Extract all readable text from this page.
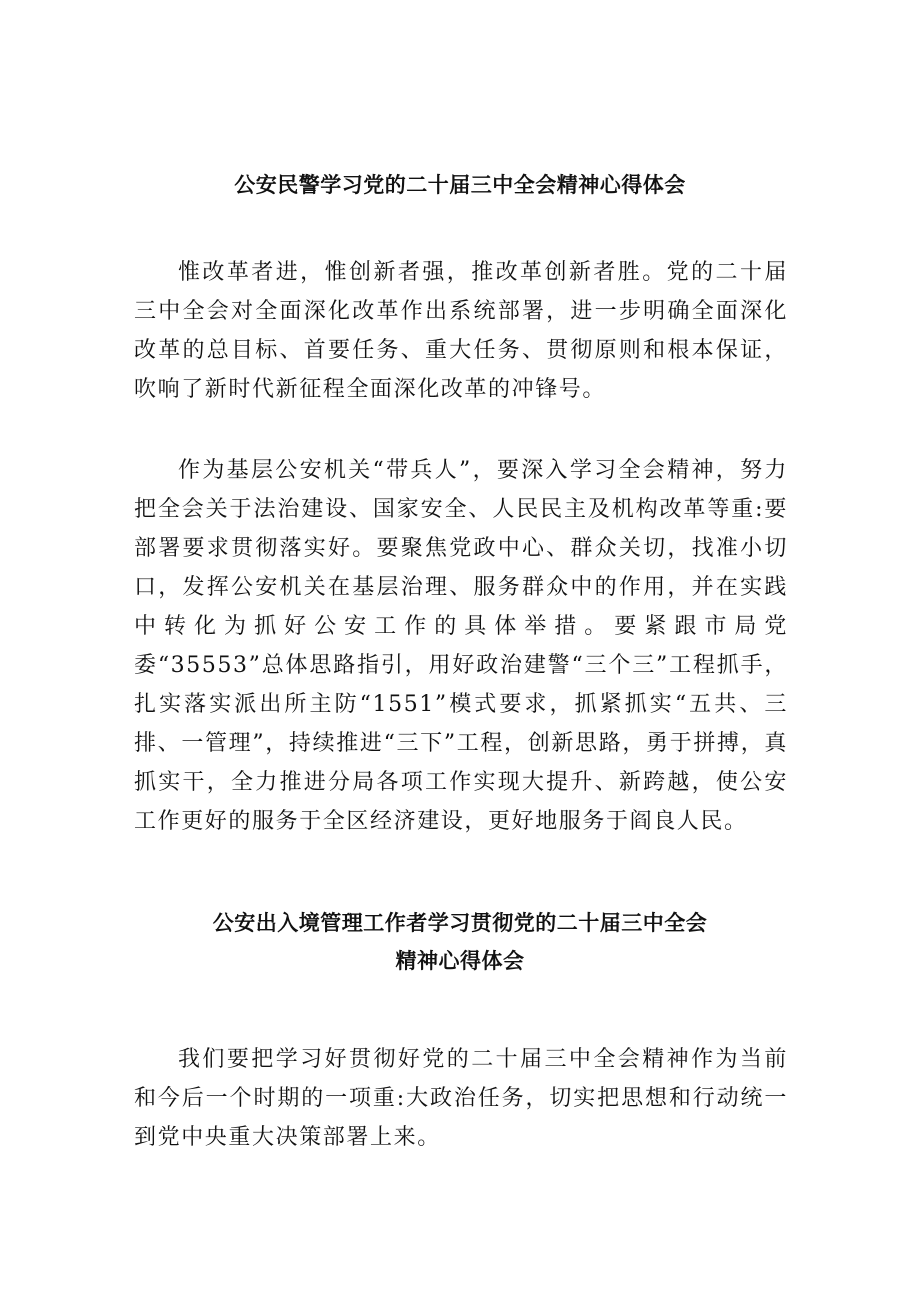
公安民警学习党的二十届三中全会精神心得体会

惟改革者进，惟创新者强，推改革创新者胜。党的二十届三中全会对全面深化改革作出系统部署，进一步明确全面深化改革的总目标、首要任务、重大任务、贯彻原则和根本保证，吹响了新时代新征程全面深化改革的冲锋号。

作为基层公安机关“带兵人”，要深入学习全会精神，努力把全会关于法治建设、国家安全、人民民主及机构改革等重:要部署要求贯彻落实好。要聚焦党政中心、群众关切，找准小切口，发挥公安机关在基层治理、服务群众中的作用，并在实践中转化为抓好公安工作的具体举措。要紧跟市局党委“35553”总体思路指引，用好政治建警“三个三”工程抓手，扎实落实派出所主防“1551”模式要求，抓紧抓实“五共、三排、一管理”，持续推进“三下”工程，创新思路，勇于拼搏，真抓实干，全力推进分局各项工作实现大提升、新跨越，使公安工作更好的服务于全区经济建设，更好地服务于阎良人民。

公安出入境管理工作者学习贯彻党的二十届三中全会
精神心得体会

我们要把学习好贯彻好党的二十届三中全会精神作为当前和今后一个时期的一项重:大政治任务，切实把思想和行动统一到党中央重大决策部署上来。
